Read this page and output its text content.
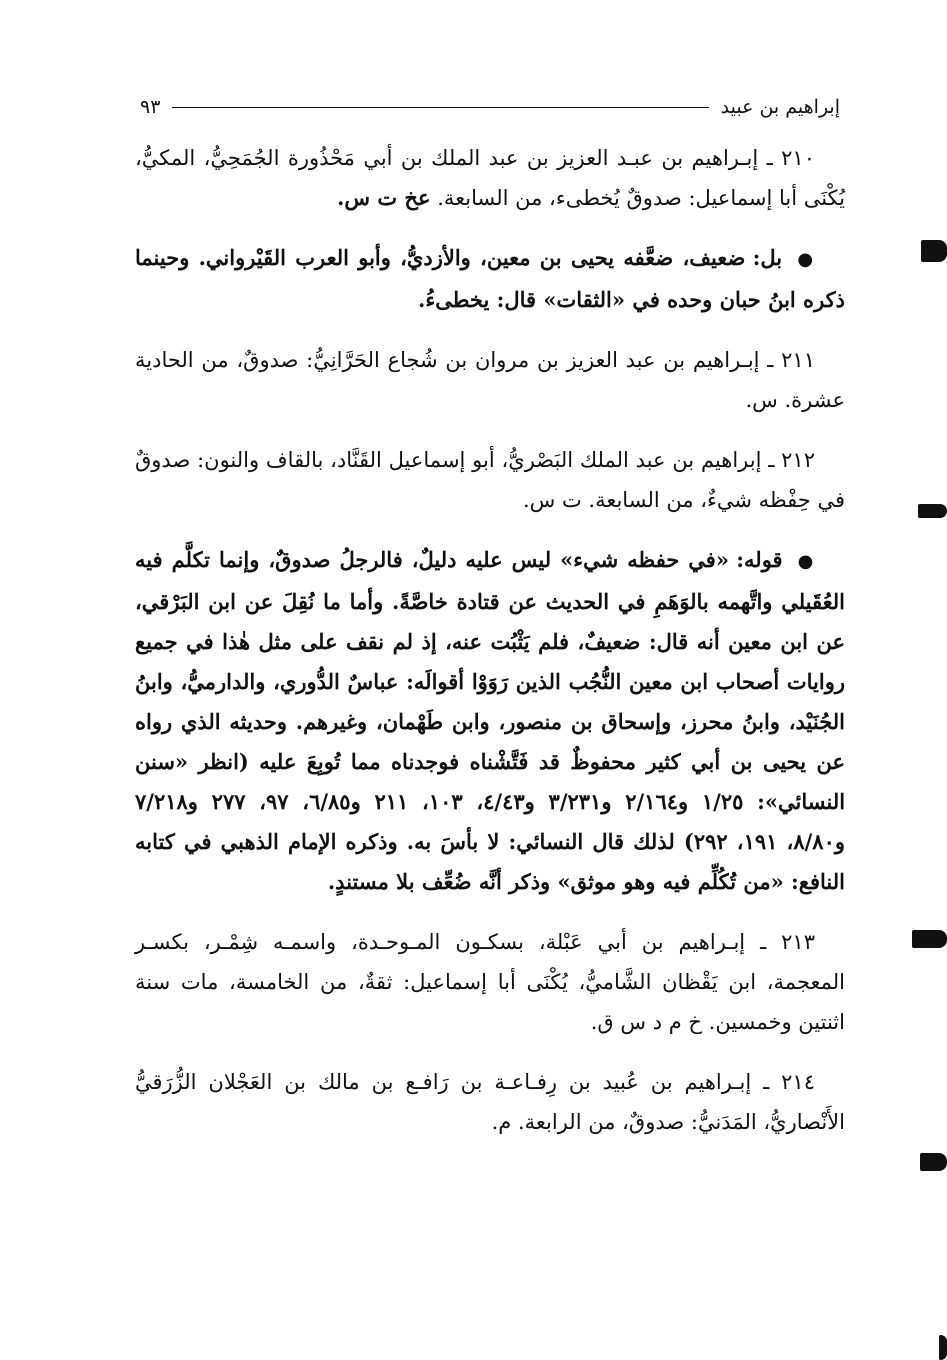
إبراهيم بن عبيد
٩٣

٢١٠ ـ إبـراهيم بن عبـد العزيز بن عبد الملك بن أبي مَحْذُورة الجُمَحِيُّ، المكيُّ، يُكْنَى أبا إسماعيل: صدوقٌ يُخطىء، من السابعة. عخ ت س.

● بل: ضعيف، ضعَّفه يحيى بن معين، والأزديُّ، وأبو العرب القَيْرواني. وحينما ذكره ابنُ حبان وحده في «الثقات» قال: يخطىءُ.

٢١١ ـ إبـراهيم بن عبد العزيز بن مروان بن شُجاع الحَرَّانِيُّ: صدوقٌ، من الحادية عشرة. س.

٢١٢ ـ إبراهيم بن عبد الملك البَصْريُّ، أبو إسماعيل القَنَّاد، بالقاف والنون: صدوقٌ في حِفْظه شيءٌ، من السابعة. ت س.

● قوله: «في حفظه شيء» ليس عليه دليلٌ، فالرجلُ صدوقٌ، وإنما تكلَّم فيه العُقَيلي واتَّهمه بالوَهَمِ في الحديث عن قتادة خاصَّةً. وأما ما نُقِلَ عن ابن البَرْقي، عن ابن معين أنه قال: ضعيفٌ، فلم يَثْبُت عنه، إذ لم نقف على مثل هٰذا في جميع روايات أصحاب ابن معين النُّجُب الذين رَوَوْا أقوالَه: عباسٌ الدُّوري، والدارميُّ، وابنُ الجُنَيْد، وابنُ محرز، وإسحاق بن منصور، وابن طَهْمان، وغيرهم. وحديثه الذي رواه عن يحيى بن أبي كثير محفوظٌ قد فَتَّشْناه فوجدناه مما تُوبِعَ عليه (انظر «سنن النسائي»: ١/٢٥ و٢/١٦٤ و٣/٢٣١ و٤/٤٣، ١٠٣، ٢١١ و٦/٨٥، ٩٧، ٢٧٧ و٧/٢١٨ و٨/٨٠، ١٩١، ٢٩٢) لذلك قال النسائي: لا بأسَ به. وذكره الإمام الذهبي في كتابه النافع: «من تُكُلِّم فيه وهو موثق» وذكر أنَّه ضُعِّف بلا مستندٍ.

٢١٣ ـ إبـراهيم بن أبي عَبْلة، بسكـون المـوحـدة، واسمـه شِمْـر، بكسـر المعجمة، ابن يَقْظان الشَّاميُّ، يُكْنَى أبا إسماعيل: ثقةٌ، من الخامسة، مات سنة اثنتين وخمسين. خ م د س ق.

٢١٤ ـ إبـراهيم بن عُبيد بن رِفـاعـة بن رَافـع بن مالك بن العَجْلان الزُّرَقيُّ الأَنْصاريُّ، المَدَنيُّ: صدوقٌ، من الرابعة. م.
